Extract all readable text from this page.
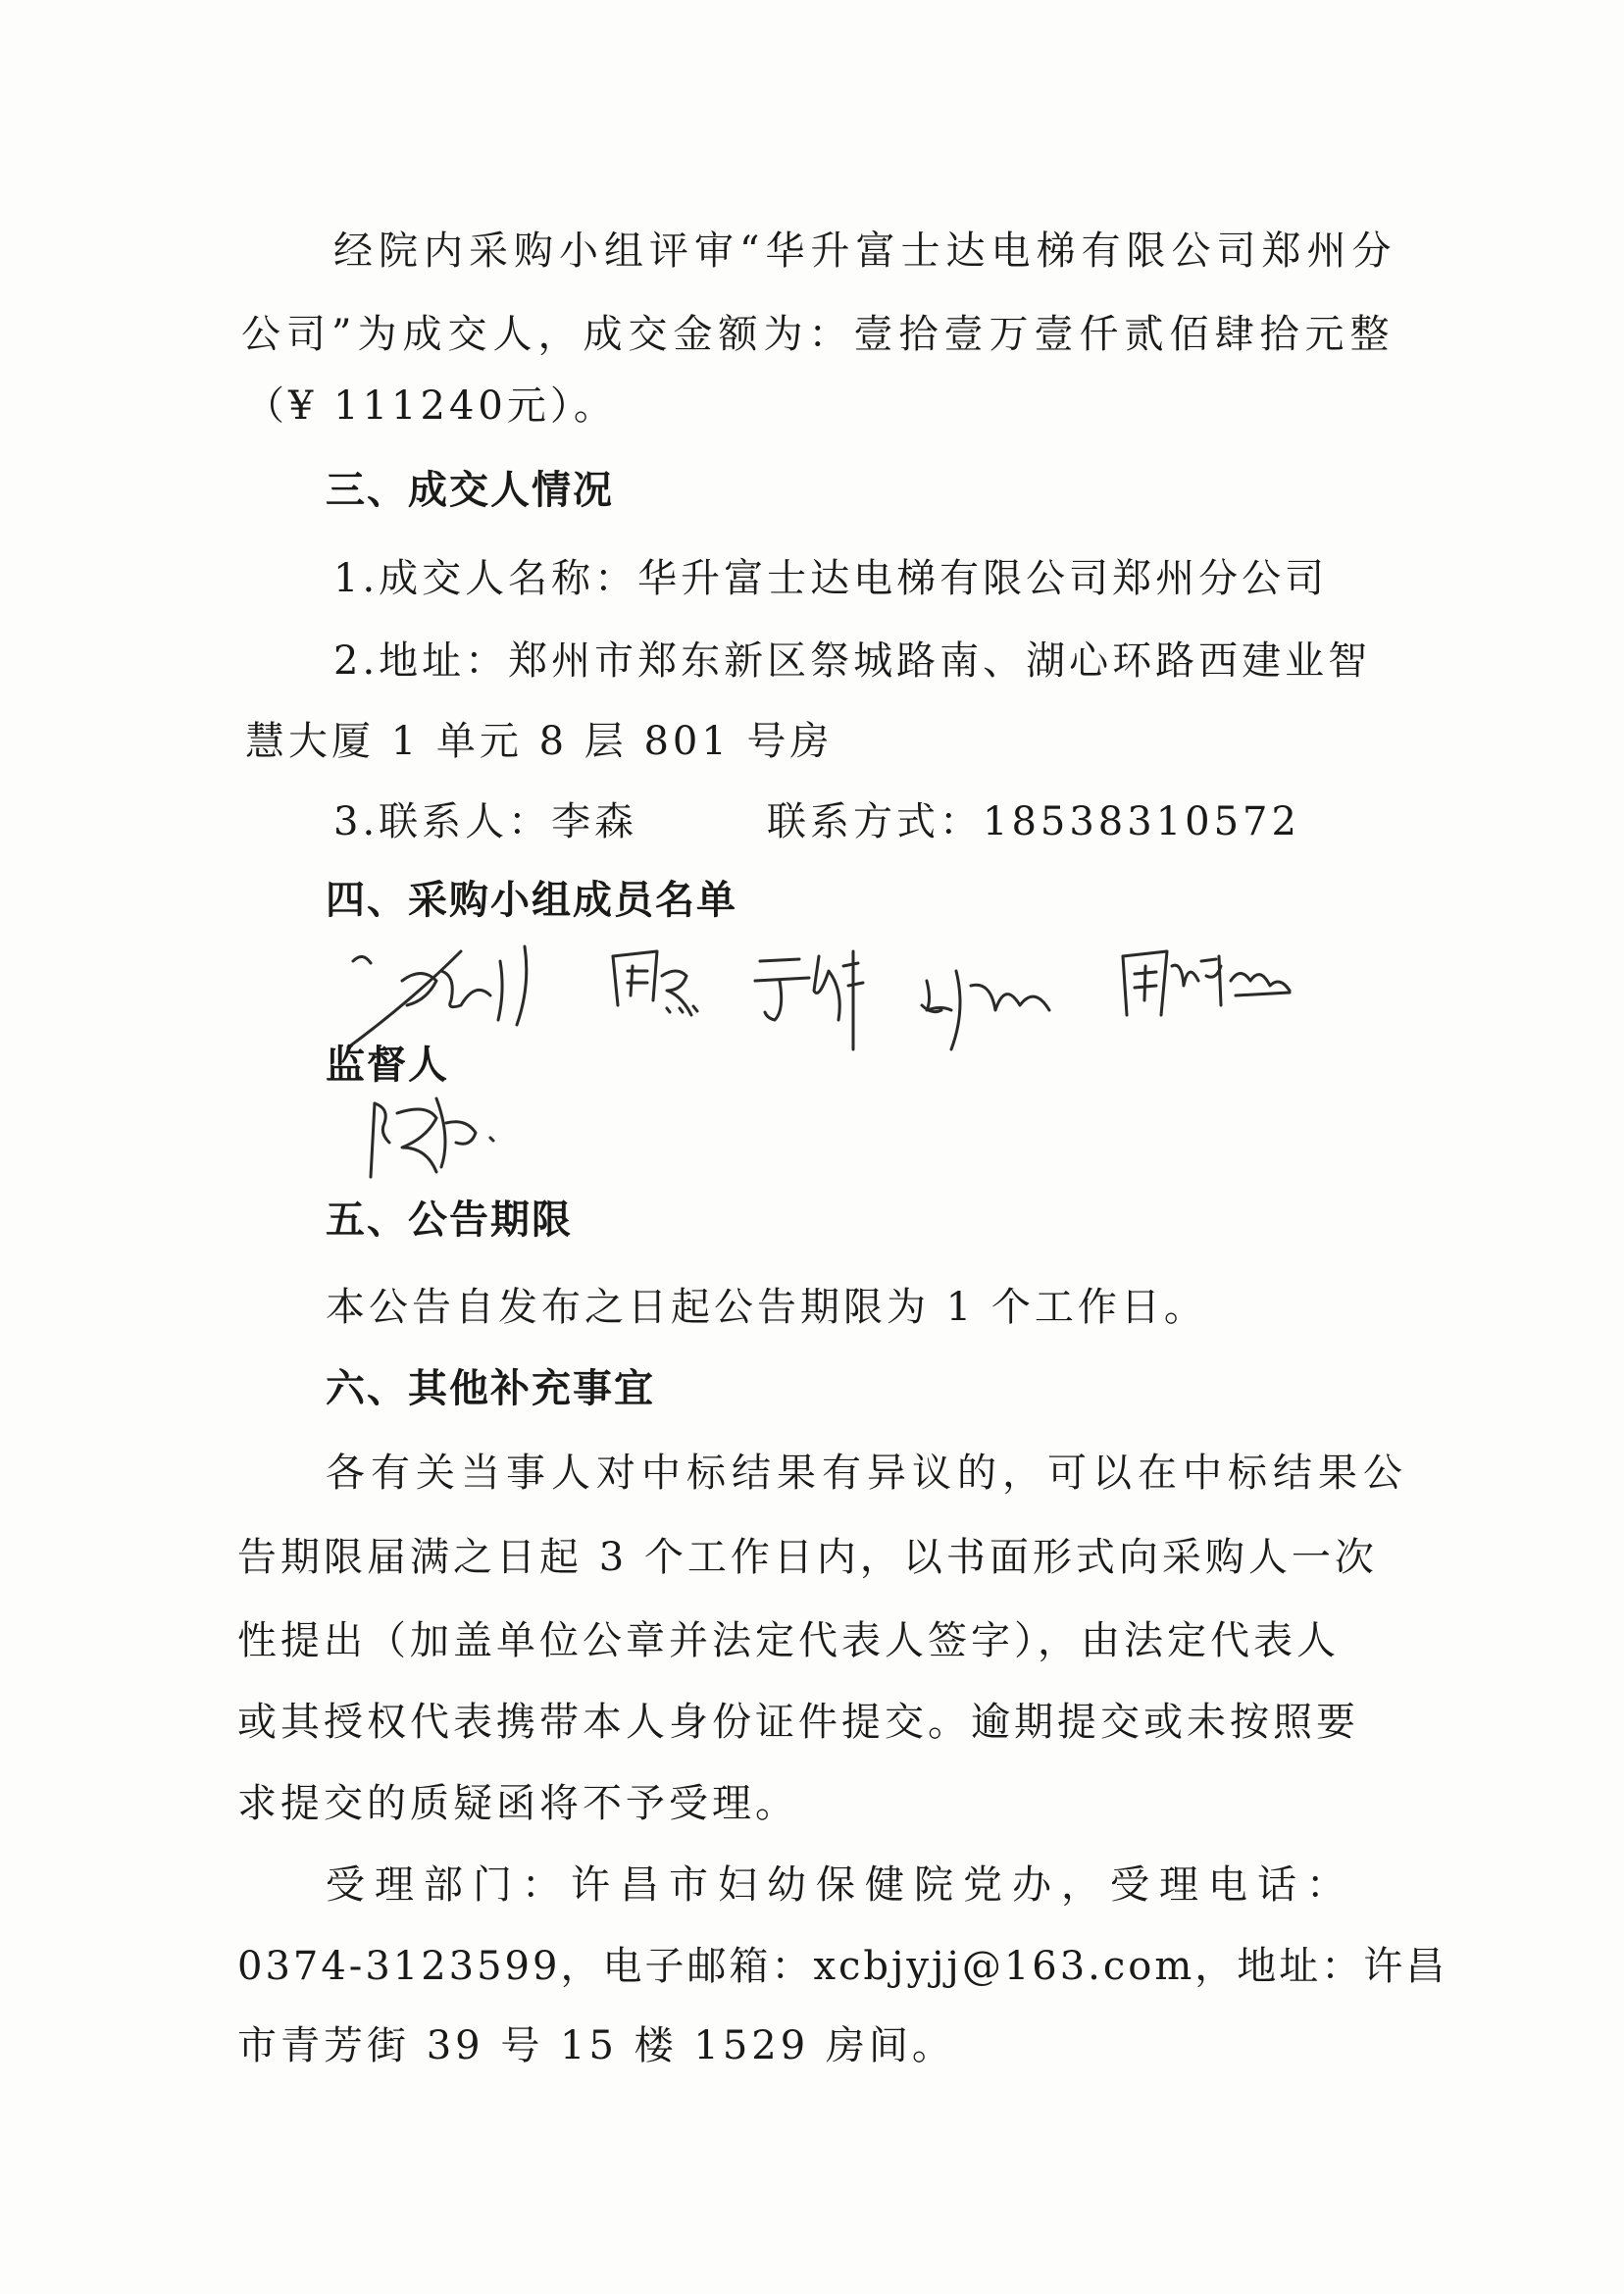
经院内采购小组评审“华升富士达电梯有限公司郑州分
公司”为成交人，成交金额为：壹拾壹万壹仟贰佰肆拾元整
（¥ 111240元）。
三、成交人情况
1.成交人名称：华升富士达电梯有限公司郑州分公司
2.地址：郑州市郑东新区祭城路南、湖心环路西建业智
慧大厦 1 单元 8 层 801 号房
3.联系人：李森	联系方式：18538310572
四、采购小组成员名单
监督人
五、公告期限
本公告自发布之日起公告期限为 1 个工作日。
六、其他补充事宜
各有关当事人对中标结果有异议的，可以在中标结果公
告期限届满之日起 3 个工作日内，以书面形式向采购人一次
性提出（加盖单位公章并法定代表人签字），由法定代表人
或其授权代表携带本人身份证件提交。逾期提交或未按照要
求提交的质疑函将不予受理。
受理部门：许昌市妇幼保健院党办，受理电话：
0374-3123599，电子邮箱：xcbjyjj@163.com，地址：许昌
市青芳街 39 号 15 楼 1529 房间。
